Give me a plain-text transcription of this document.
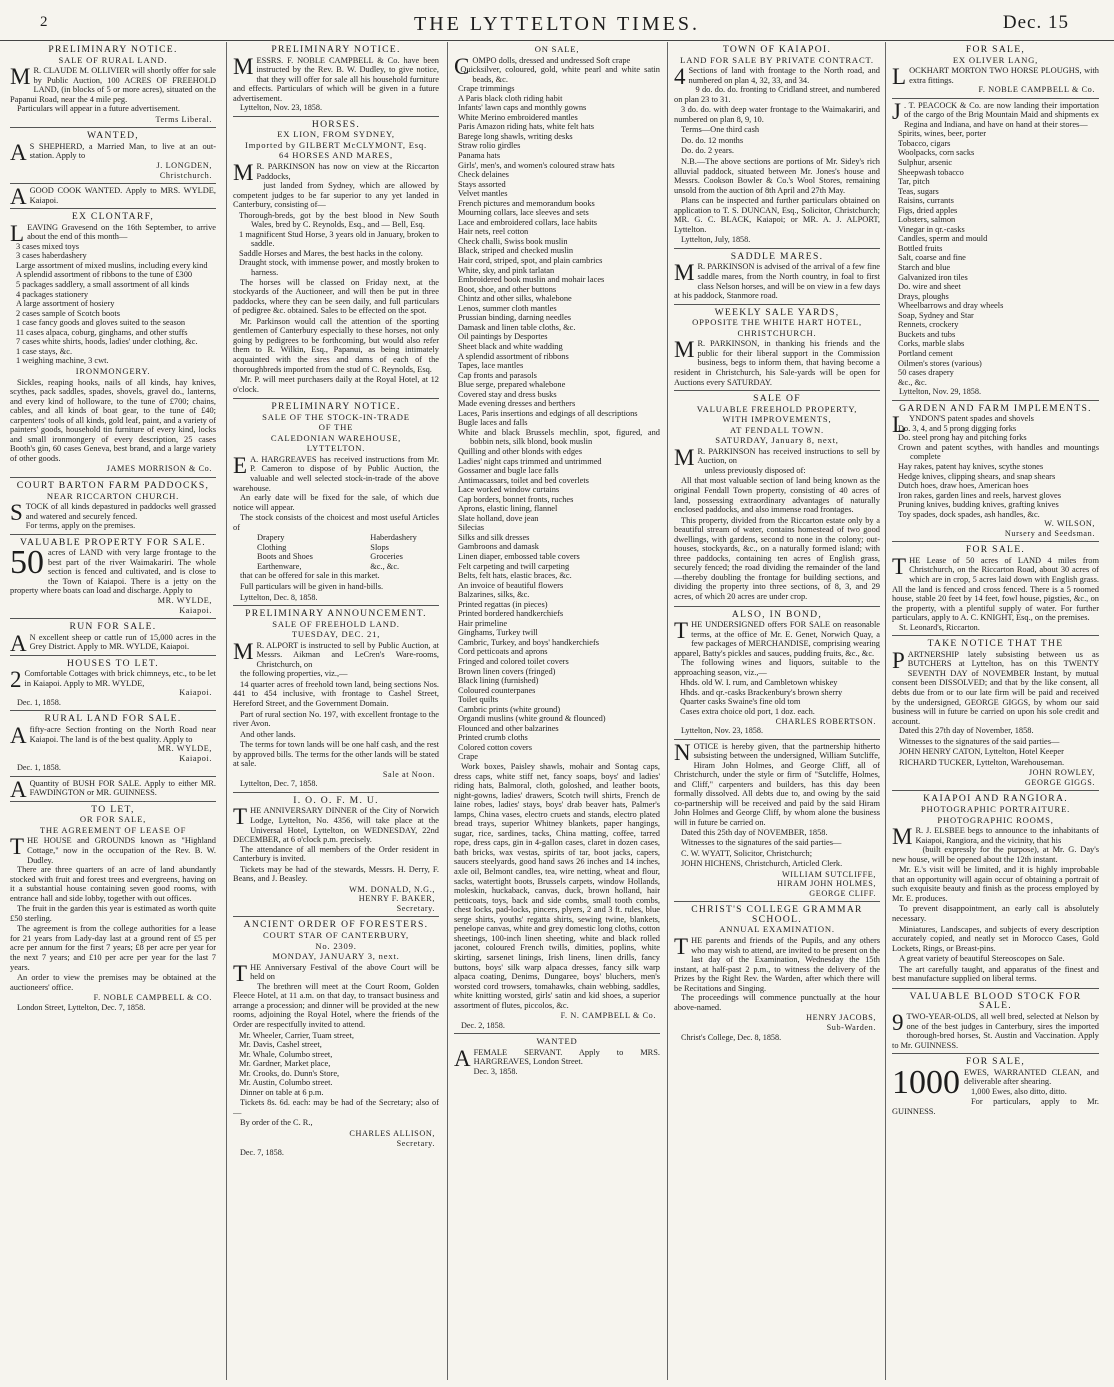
2	THE LYTTELTON TIMES.	Dec. 15
PRELIMINARY NOTICE.
SALE OF RURAL LAND.
M R. CLAUDE M. OLLIVIER will shortly offer for sale by Public Auction, 100 ACRES OF FREEHOLD LAND, (in blocks of 5 or more acres), situated on the Papanui Road, near the 4 mile peg.

Particulars will appear in a future advertisement.

Terms Liberal.
WANTED,
A S SHEPHERD, a Married Man, to live at an out-station. Apply to
J. LONGDEN,
Christchurch.
A GOOD COOK WANTED. Apply to MRS. WYLDE, Kaiapoi.
EX CLONTARF,
L EAVING Gravesend on the 16th September, to arrive about the end of this month—
3 cases mixed toys
3 cases haberdashery
Large assortment of mixed muslins, including every kind
A splendid assortment of ribbons to the tune of £300
5 packages saddlery, a small assortment of all kinds
4 packages stationery
A large assortment of hosiery
2 cases sample of Scotch boots
1 case fancy goods and gloves suited to the season
11 cases alpaca, coburg, ginghams, and other stuffs
7 cases white shirts, hoods, ladies' under clothing, &c.
1 case stays, &c.
1 weighing machine, 3 cwt.
IRONMONGERY.

Sickles, reaping hooks, nails of all kinds, hay knives, scythes, pack saddles, spades, shovels, gravel do., lanterns, and every kind of holloware, to the tune of £700; chains, cables, and all kinds of boat gear, to the tune of £40; carpenters' tools of all kinds, gold leaf, paint, and a variety of painters' goods, household tin furniture of every kind, locks and small ironmongery of every description, 25 cases Booth's gin, 60 cases Geneva, best brand, and a large variety of other goods.

JAMES MORRISON & Co.
COURT BARTON FARM PADDOCKS,
NEAR RICCARTON CHURCH.
S TOCK of all kinds depastured in paddocks well grassed and watered and securely fenced.
For terms, apply on the premises.
VALUABLE PROPERTY FOR SALE.
50 acres of LAND with very large frontage to the best part of the river Waimakariri. The whole section is fenced and cultivated, and is close to the Town of Kaiapoi. There is a jetty on the property where boats can load and discharge. Apply to
MR. WYLDE,
Kaiapoi.
RUN FOR SALE.
A N excellent sheep or cattle run of 15,000 acres in the Grey District. Apply to MR. WYLDE, Kaiapoi.
HOUSES TO LET.
2 Comfortable Cottages with brick chimneys, etc., to be let in Kaiapoi. Apply to MR. WYLDE,
Kaiapoi.
Dec. 1, 1858.
RURAL LAND FOR SALE.
A fifty-acre Section fronting on the North Road near Kaiapoi. The land is of the best quality. Apply to
MR. WYLDE,
Kaiapoi.
Dec. 1, 1858.
A Quantity of BUSH FOR SALE. Apply to either MR. FAWDINGTON or MR. GUINNESS.
TO LET,
OR FOR SALE,
THE AGREEMENT OF LEASE OF
T HE HOUSE and GROUNDS known as "Highland Cottage," now in the occupation of the Rev. B. W. Dudley.

There are three quarters of an acre of land abundantly stocked with fruit and forest trees and evergreens, having on it a substantial house containing seven good rooms, with entrance hall and side lobby, together with out offices.

The fruit in the garden this year is estimated as worth quite £50 sterling.

The agreement is from the college authorities for a lease for 21 years from Lady-day last at a ground rent of £5 per acre per annum for the first 7 years; £8 per acre per year for the next 7 years; and £10 per acre per year for the last 7 years.

An order to view the premises may be obtained at the auctioneers' office.

F. NOBLE CAMPBELL & CO.
London Street, Lyttelton, Dec. 7, 1858.
PRELIMINARY NOTICE.
M ESSRS. F. NOBLE CAMPBELL & Co. have been instructed by the Rev. B. W. Dudley, to give notice, that they will offer for sale all his household furniture and effects. Particulars of which will be given in a future advertisement.
Lyttelton, Nov. 23, 1858.
HORSES.
EX LION, FROM SYDNEY,
Imported by GILBERT McCLYMONT, Esq.
64 HORSES AND MARES,
M R. PARKINSON has now on view at the Riccarton Paddocks,

just landed from Sydney, which are allowed by competent judges to be far superior to any yet landed in Canterbury, consisting of—

Thorough-breds, got by the best blood in New South Wales, bred by C. Reynolds, Esq., and — Bell, Esq.
1 magnificent Stud Horse, 3 years old in January, broken to saddle.
Saddle Horses and Mares, the best hacks in the colony.
Draught stock, with immense power, and mostly broken to harness.

The horses will be classed on Friday next, at the stockyards of the Auctioneer, and will then be put in three paddocks, where they can be seen daily, and full particulars of pedigree &c. obtained. Sales to be effected on the spot.

Mr. Parkinson would call the attention of the sporting gentlemen of Canterbury especially to these horses, not only going by pedigrees to be forthcoming, but would also refer them to R. Wilkin, Esq., Papanui, as being intimately acquainted with the sires and dams of each of the thoroughbreds imported from the stud of C. Reynolds, Esq.

Mr. P. will meet purchasers daily at the Royal Hotel, at 12 o'clock.

PRELIMINARY NOTICE.
SALE OF THE STOCK-IN-TRADE
OF THE
CALEDONIAN WAREHOUSE,
LYTTELTON.
E A. HARGREAVES has received instructions from Mr. P. Cameron to dispose of by Public Auction, the valuable and well selected stock-in-trade of the above warehouse.

An early date will be fixed for the sale, of which due notice will appear.

The stock consists of the choicest and most useful Articles of

Drapery	Haberdashery
Clothing	Slops
Boots and Shoes	Groceries
Earthenware,	&c., &c.

that can be offered for sale in this market.

Full particulars will be given in hand-bills.

Lyttelton, Dec. 8, 1858.
PRELIMINARY ANNOUNCEMENT.
SALE OF FREEHOLD LAND.
TUESDAY, DEC. 21,
M R. ALPORT is instructed to sell by Public Auction, at Messrs. Aikman and LeCren's Ware-rooms, Christchurch, on

the following properties, viz.,—

14 quarter acres of freehold town land, being sections Nos. 441 to 454 inclusive, with frontage to Cashel Street, Hereford Street, and the Government Domain.

Part of rural section No. 197, with excellent frontage to the river Avon.

And other lands.

The terms for town lands will be one half cash, and the rest by approved bills. The terms for the other lands will be stated at sale.

Sale at Noon.
Lyttelton, Dec. 7, 1858.
I. O. O. F. M. U.
T HE ANNIVERSARY DINNER of the City of Norwich Lodge, Lyttelton, No. 4356, will take place at the Universal Hotel, Lyttelton, on WEDNESDAY, 22nd DECEMBER, at 6 o'clock p.m. precisely.

The attendance of all members of the Order resident in Canterbury is invited.

Tickets may be had of the stewards, Messrs. H. Derry, F. Beans, and J. Beasley.

WM. DONALD, N.G.,
HENRY F. BAKER,
Secretary.
ANCIENT ORDER OF FORESTERS.
COURT STAR OF CANTERBURY,
No. 2309.
MONDAY, JANUARY 3, next.
T HE Anniversary Festival of the above Court will be held on

The brethren will meet at the Court Room, Golden Fleece Hotel, at 11 a.m. on that day, to transact business and arrange a procession; and dinner will be provided at the new rooms, adjoining the Royal Hotel, where the friends of the Order are respectfully invited to attend.

Mr. Wheeler, Carrier, Tuam street,
Mr. Davis, Cashel street,
Mr. Whale, Columbo street,
Mr. Gardner, Market place,
Mr. Crooks, do. Dunn's Store,
Mr. Austin, Columbo street.

Dinner on table at 6 p.m.

Tickets 8s. 6d. each: may be had of the Secretary; also of—

By order of the C. R.,

CHARLES ALLISON,
Secretary.
Dec. 7, 1858.
ON SALE,
C OMPO dolls, dressed and undressed Soft crape
Quicksilver, coloured, gold, white pearl and white satin beads, &c.
Crape trimmings
A Paris black cloth riding habit
Infants' lawn caps and monthly gowns
White Merino embroidered mantles
Paris Amazon riding hats, white felt hats
Barege long shawls, writing desks
Straw rolio girdles
Panama hats
Girls', men's, and women's coloured straw hats
Check delaines
Stays assorted
Velvet mantles
French pictures and memorandum books
Mourning collars, lace sleeves and sets
Lace and embroidered collars, lace habits
Hair nets, reel cotton
Check challi, Swiss book muslin
Black, striped and checked muslin
Hair cord, striped, spot, and plain cambrics
White, sky, and pink tarlatan
Embroidered book muslin and mohair laces
Boot, shoe, and other buttons
Chintz and other silks, whalebone
Lenos, summer cloth mantles
Prussian binding, darning needles
Damask and linen table cloths, &c.
Oil paintings by Desportes
Sheet black and white wadding
A splendid assortment of ribbons
Tapes, lace mantles
Cap fronts and parasols
Blue serge, prepared whalebone
Covered stay and dress busks
Made evening dresses and berthers
Laces, Paris insertions and edgings of all descriptions
Bugle laces and falls
White and black Brussels mechlin, spot, figured, and bobbin nets, silk blond, book muslin
Quilling and other blonds with edges
Ladies' night caps trimmed and untrimmed
Gossamer and bugle lace falls
Antimacassars, toilet and bed coverlets
Lace worked window curtains
Cap borders, bonnet fronts, ruches
Aprons, elastic lining, flannel
Slate holland, dove jean
Silecias
Silks and silk dresses
Gambroons and damask
Linen diaper, embossed table covers
Felt carpeting and twill carpeting
Belts, felt hats, elastic braces, &c.
An invoice of beautiful flowers
Balzarines, silks, &c.
Printed regattas (in pieces)
Printed bordered handkerchiefs
Hair primeline
Ginghams, Turkey twill
Cambric, Turkey, and boys' handkerchiefs
Cord petticoats and aprons
Fringed and colored toilet covers
Brown linen covers (fringed)
Black lining (furnished)
Coloured counterpanes
Toilet quilts
Cambric prints (white ground)
Organdi muslins (white ground & flounced)
Flounced and other balzarines
Printed crumb cloths
Colored cotton covers
Crape

Work boxes, Paisley shawls, mohair and Sontag caps, dress caps, white stiff net, fancy soaps, boys' and ladies' riding hats, Balmoral, cloth, goloshed, and leather boots, night-gowns, ladies' drawers, Scotch twill shirts, French de laine robes, ladies' stays, boys' drab beaver hats, Palmer's lamps, China vases, electro cruets and stands, electro plated bread trays, superior Whitney blankets, paper hangings, sugar, rice, sardines, tacks, China matting, coffee, tarred rope, dress caps, gin in 4-gallon cases, claret in dozen cases, bath bricks, wax vestas, spirits of tar, boot jacks, capers, saucers steelyards, good hand saws 26 inches and 14 inches, axle oil, Belmont candles, tea, wire netting, wheat and flour, sacks, watertight boots, Brussels carpets, window Hollands, moleskin, huckaback, canvas, duck, brown holland, hair petticoats, toys, back and side combs, small tooth combs, chest locks, pad-locks, pincers, plyers, 2 and 3 ft. rules, blue serge shirts, youths' regatta shirts, sewing twine, blankets, penelope canvas, white and grey domestic long cloths, cotton sheetings, 100-inch linen sheeting, white and black rolled jaconet, coloured French twills, dimities, poplins, white skirting, sarsenet linings, Irish linens, linen drills, fancy buttons, boys' silk warp alpaca dresses, fancy silk warp alpaca coating, Denims, Dungaree, boys' bluchers, men's worsted cord trowsers, tomahawks, chain webbing, saddles, white knitting worsted, girls' satin and kid shoes, a superior assortment of flutes, piccolos, &c.

F. N. CAMPBELL & Co.
Dec. 2, 1858.
WANTED
A FEMALE SERVANT. Apply to MRS. HARGREAVES, London Street.
Dec. 3, 1858.
TOWN OF KAIAPOI.
LAND FOR SALE BY PRIVATE CONTRACT.
4 Sections of land with frontage to the North road, and numbered on plan 4, 32, 33, and 34.

9 do. do. do. fronting to Cridland street, and numbered on plan 23 to 31.

3 do. do. with deep water frontage to the Waimakariri, and numbered on plan 8, 9, 10.

Terms—One third cash

Do. do. 12 months

Do. do. 2 years.

N.B.—The above sections are portions of Mr. Sidey's rich alluvial paddock, situated between Mr. Jones's house and Messrs. Cookson Bowler & Co.'s Wool Stores, remaining unsold from the auction of 8th April and 27th May.

Plans can be inspected and further particulars obtained on application to T. S. DUNCAN, Esq., Solicitor, Christchurch; MR. G. C. BLACK, Kaiapoi; or MR. A. J. ALPORT, Lyttelton.

Lyttelton, July, 1858.
SADDLE MARES.
M R. PARKINSON is advised of the arrival of a few fine saddle mares, from the North country, in foal to first class Nelson horses, and will be on view in a few days at his paddock, Stanmore road.
WEEKLY SALE YARDS,
OPPOSITE THE WHITE HART HOTEL,
CHRISTCHURCH.
M R. PARKINSON, in thanking his friends and the public for their liberal support in the Commission business, begs to inform them, that having become a resident in Christchurch, his Sale-yards will be open for Auctions every SATURDAY.
SALE OF
VALUABLE FREEHOLD PROPERTY,
WITH IMPROVEMENTS,
AT FENDALL TOWN.
SATURDAY, January 8, next,
M R. PARKINSON has received instructions to sell by Auction, on

unless previously disposed of:

All that most valuable section of land being known as the original Fendall Town property, consisting of 40 acres of land, possessing extraordinary advantages of naturally enclosed paddocks, and also immense road frontages.

This property, divided from the Riccarton estate only by a beautiful stream of water, contains homestead of two good dwellings, with gardens, second to none in the colony; out-houses, stockyards, &c., on a naturally formed island; with three paddocks, containing ten acres of English grass, securely fenced; the road dividing the remainder of the land—thereby doubling the frontage for building sections, and dividing the property into three sections, of 8, 3, and 29 acres, of which 20 acres are under crop.

ALSO, IN BOND,
T HE UNDERSIGNED offers FOR SALE on reasonable terms, at the office of Mr. E. Genet, Norwich Quay, a few packages of MERCHANDISE, comprising wearing apparel, Batty's pickles and sauces, pudding fruits, &c., &c.

The following wines and liquors, suitable to the approaching season, viz.,—

Hhds. old W. I. rum, and Cambletown whiskey
Hhds. and qr.-casks Brackenbury's brown sherry
Quarter casks Swaine's fine old tom
Cases extra choice old port, 1 doz. each.
CHARLES ROBERTSON.
Lyttelton, Nov. 23, 1858.
N OTICE is hereby given, that the partnership hitherto subsisting between the undersigned, William Sutcliffe, Hiram John Holmes, and George Cliff, all of Christchurch, under the style or firm of "Sutcliffe, Holmes, and Cliff," carpenters and builders, has this day been formally dissolved. All debts due to, and owing by the said co-partnership will be received and paid by the said Hiram John Holmes and George Cliff, by whom alone the business will in future be carried on.

Dated this 25th day of NOVEMBER, 1858.

Witnesses to the signatures of the said parties—

C. W. WYATT, Solicitor, Christchurch;

JOHN HICHENS, Christchurch, Articled Clerk.

WILLIAM SUTCLIFFE,
HIRAM JOHN HOLMES,
GEORGE CLIFF.
CHRIST'S COLLEGE GRAMMAR SCHOOL.
ANNUAL EXAMINATION.
T HE parents and friends of the Pupils, and any others who may wish to attend, are invited to be present on the last day of the Examination, Wednesday the 15th instant, at half-past 2 p.m., to witness the delivery of the Prizes by the Right Rev. the Warden, after which there will be Recitations and Singing.

The proceedings will commence punctually at the hour above-named.

HENRY JACOBS,
Sub-Warden.
Christ's College, Dec. 8, 1858.
FOR SALE,
EX OLIVER LANG,
L OCKHART MORTON TWO HORSE PLOUGHS, with extra fittings.
F. NOBLE CAMPBELL & Co.
J . T. PEACOCK & Co. are now landing their importation of the cargo of the Brig Mountain Maid and shipments ex Regina and Indiana, and have on hand at their stores—
Spirits, wines, beer, porter
Tobacco, cigars
Woolpacks, corn sacks
Sulphur, arsenic
Sheepwash tobacco
Tar, pitch
Teas, sugars
Raisins, currants
Figs, dried apples
Lobsters, salmon
Vinegar in qr.-casks
Candles, sperm and mould
Bottled fruits
Salt, coarse and fine
Starch and blue
Galvanized iron tiles
Do. wire and sheet
Drays, ploughs
Wheelbarrows and dray wheels
Soap, Sydney and Star
Rennets, crockery
Buckets and tubs
Corks, marble slabs
Portland cement
Oilmen's stores (various)
50 cases drapery
&c., &c.
Lyttelton, Nov. 29, 1858.
GARDEN AND FARM IMPLEMENTS.
L YNDON'S patent spades and shovels
Do. 3, 4, and 5 prong digging forks
Do. steel prong hay and pitching forks
Crown and patent scythes, with handles and mountings complete
Hay rakes, patent hay knives, scythe stones
Hedge knives, clipping shears, and snap shears
Dutch hoes, draw hoes, American hoes
Iron rakes, garden lines and reels, harvest gloves
Pruning knives, budding knives, grafting knives
Toy spades, dock spades, ash handles, &c.
W. WILSON,
Nursery and Seedsman.
FOR SALE.
T HE Lease of 50 acres of LAND 4 miles from Christchurch, on the Riccarton Road, about 30 acres of which are in crop, 5 acres laid down with English grass. All the land is fenced and cross fenced. There is a 5 roomed house, stable 20 feet by 14 feet, fowl house, pigsties, &c., on the property, with a plentiful supply of water. For further particulars, apply to A. C. KNIGHT, Esq., on the premises.
St. Leonard's, Riccarton.
TAKE NOTICE THAT THE
P ARTNERSHIP lately subsisting between us as BUTCHERS at Lyttelton, has on this TWENTY SEVENTH DAY of NOVEMBER Instant, by mutual consent been DISSOLVED; and that by the like consent, all debts due from or to our late firm will be paid and received by the undersigned, GEORGE GIGGS, by whom our said business will in future be carried on upon his sole credit and account.

Dated this 27th day of November, 1858.

Witnesses to the signatures of the said parties—

JOHN HENRY CATON, Lyttelton, Hotel Keeper

RICHARD TUCKER, Lyttelton, Warehouseman.

JOHN ROWLEY,
GEORGE GIGGS.
KAIAPOI AND RANGIORA.
PHOTOGRAPHIC PORTRAITURE.
PHOTOGRAPHIC ROOMS,
M R. J. ELSBEE begs to announce to the inhabitants of Kaiapoi, Rangiora, and the vicinity, that his

(built expressly for the purpose), at Mr. G. Day's new house, will be opened about the 12th instant.

Mr. E.'s visit will be limited, and it is highly improbable that an opportunity will again occur of obtaining a portrait of such exquisite beauty and finish as the process employed by Mr. E. produces.

To prevent disappointment, an early call is absolutely necessary.

Miniatures, Landscapes, and subjects of every description accurately copied, and neatly set in Morocco Cases, Gold Lockets, Rings, or Breast-pins.

A great variety of beautiful Stereoscopes on Sale.

The art carefully taught, and apparatus of the finest and best manufacture supplied on liberal terms.

VALUABLE BLOOD STOCK FOR SALE.
9 TWO-YEAR-OLDS, all well bred, selected at Nelson by one of the best judges in Canterbury, sires the imported thorough-bred horses, St. Austin and Vaccination. Apply to Mr. GUINNESS.
FOR SALE,
1000 EWES, WARRANTED CLEAN, and deliverable after shearing.

1,000 Ewes, also ditto, ditto.

For particulars, apply to Mr. GUINNESS.
